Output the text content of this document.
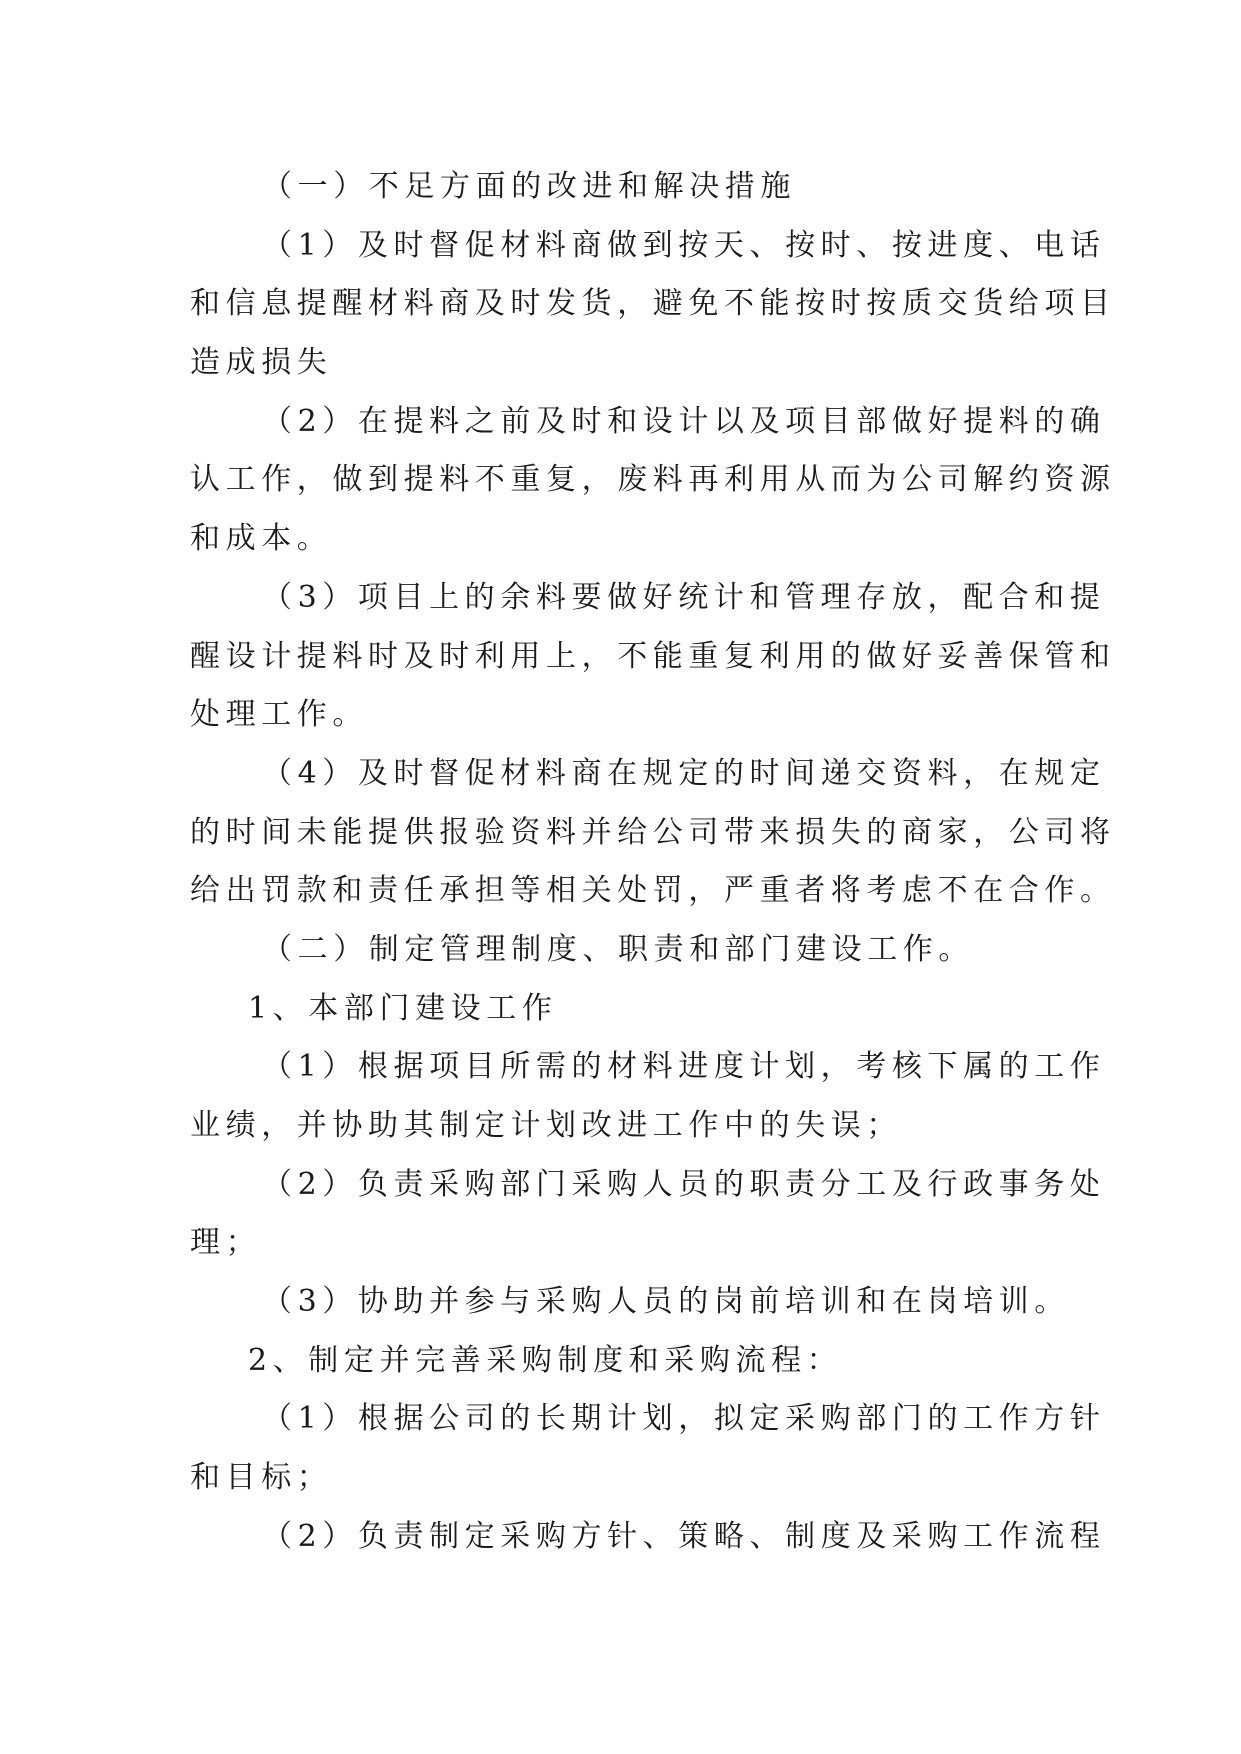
（一）不足方面的改进和解决措施
（1）及时督促材料商做到按天、按时、按进度、电话
和信息提醒材料商及时发货，避免不能按时按质交货给项目
造成损失
（2）在提料之前及时和设计以及项目部做好提料的确
认工作，做到提料不重复，废料再利用从而为公司解约资源
和成本。
（3）项目上的余料要做好统计和管理存放，配合和提
醒设计提料时及时利用上，不能重复利用的做好妥善保管和
处理工作。
（4）及时督促材料商在规定的时间递交资料，在规定
的时间未能提供报验资料并给公司带来损失的商家，公司将
给出罚款和责任承担等相关处罚，严重者将考虑不在合作。
（二）制定管理制度、职责和部门建设工作。
1、本部门建设工作
（1）根据项目所需的材料进度计划，考核下属的工作
业绩，并协助其制定计划改进工作中的失误；
（2）负责采购部门采购人员的职责分工及行政事务处
理；
（3）协助并参与采购人员的岗前培训和在岗培训。
2、制定并完善采购制度和采购流程：
（1）根据公司的长期计划，拟定采购部门的工作方针
和目标；
（2）负责制定采购方针、策略、制度及采购工作流程
